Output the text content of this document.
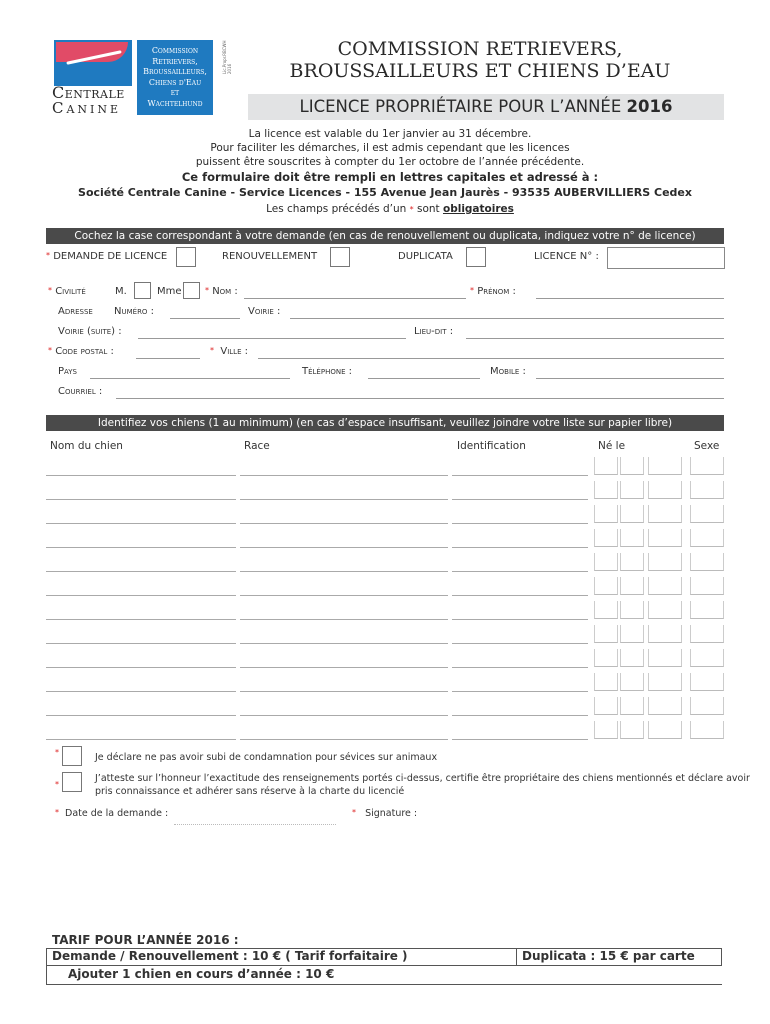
Centrale
Canine
Commission
Retrievers,
Broussailleurs,
Chiens d'Eau
et
Wachtelhund
Lic.Propr.RBCWH 2016
COMMISSION RETRIEVERS,
BROUSSAILLEURS ET CHIENS D’EAU
LICENCE PROPRIÉTAIRE POUR L’ANNÉE 2016
La licence est valable du 1er janvier au 31 décembre.
Pour faciliter les démarches, il est admis cependant que les licences
puissent être souscrites à compter du 1er octobre de l’année précédente.
Ce formulaire doit être rempli en lettres capitales et adressé à :
Société Centrale Canine - Service Licences - 155 Avenue Jean Jaurès - 93535 AUBERVILLIERS Cedex
Les champs précédés d’un * sont obligatoires
Cochez la case correspondant à votre demande (en cas de renouvellement ou duplicata, indiquez votre n° de licence)
* DEMANDE DE LICENCE	RENOUVELLEMENT	DUPLICATA	LICENCE N° :
* Civilité	M.	Mme	* Nom :	* Prénom :
Adresse Numéro :	Voirie :
Voirie (suite) :	Lieu-dit :
* Code postal :	* Ville :
Pays	Téléphone :	Mobile :
Courriel :
Identifiez vos chiens (1 au minimum) (en cas d’espace insuffisant, veuillez joindre votre liste sur papier libre)
Nom du chien	Race	Identification	Né le	Sexe
*	Je déclare ne pas avoir subi de condamnation pour sévices sur animaux
*
J’atteste sur l’honneur l’exactitude des renseignements portés ci-dessus, certifie être propriétaire des chiens mentionnés et déclare avoir
pris connaissance et adhérer sans réserve à la charte du licencié
* Date de la demande :	* Signature :
TARIF POUR L’ANNÉE 2016 :
Demande / Renouvellement : 10 € ( Tarif forfaitaire )	Duplicata : 15 € par carte
Ajouter 1 chien en cours d’année : 10 €
